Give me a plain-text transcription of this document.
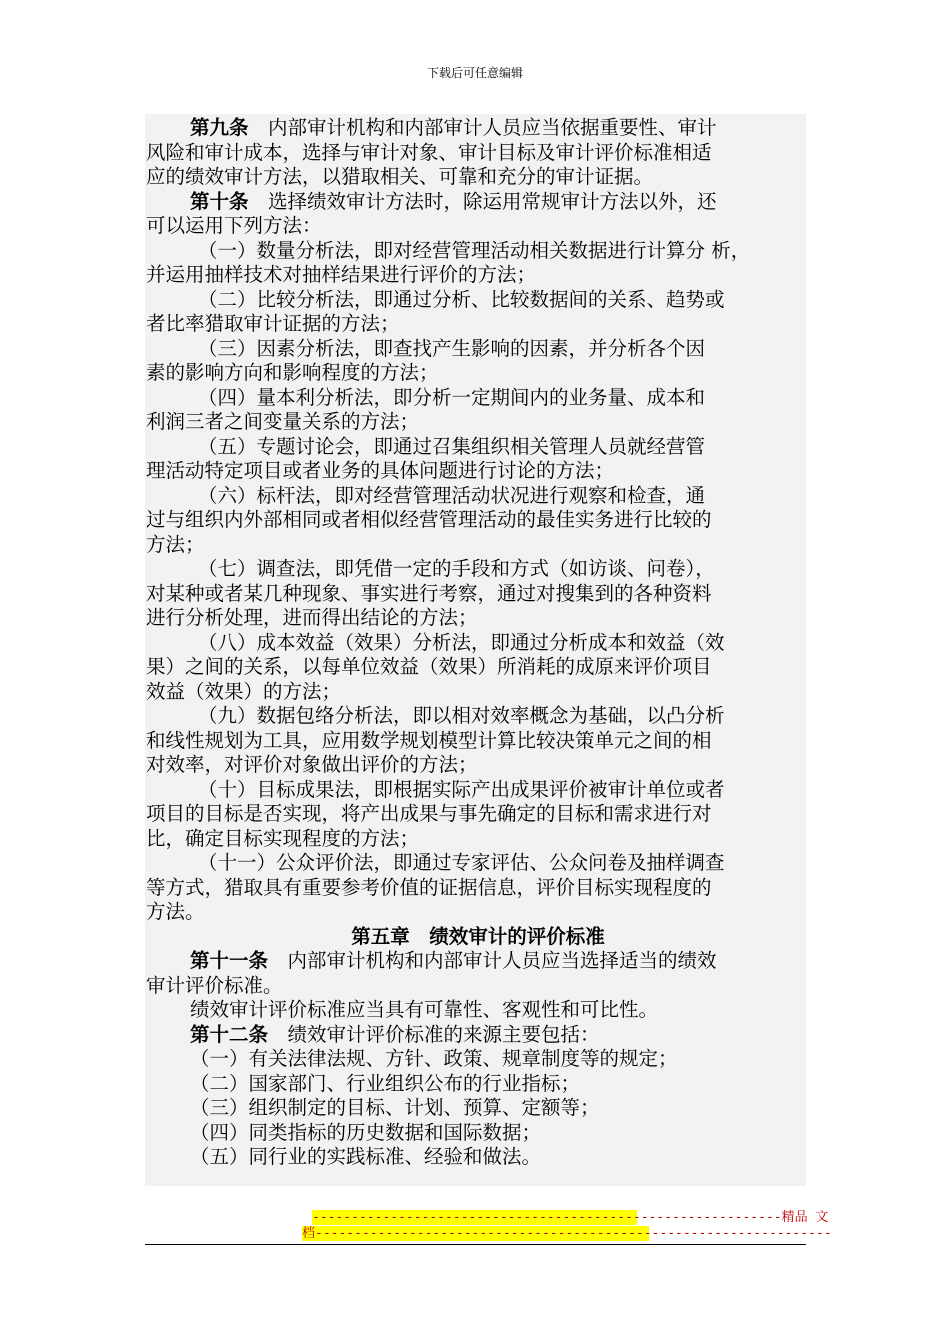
下载后可任意编辑
第九条　内部审计机构和内部审计人员应当依据重要性、审计
风险和审计成本，选择与审计对象、审计目标及审计评价标准相适
应的绩效审计方法，以猎取相关、可靠和充分的审计证据。
第十条　选择绩效审计方法时，除运用常规审计方法以外，还
可以运用下列方法：
（一）数量分析法，即对经营管理活动相关数据进行计算分 析，
并运用抽样技术对抽样结果进行评价的方法；
（二）比较分析法，即通过分析、比较数据间的关系、趋势或
者比率猎取审计证据的方法；
（三）因素分析法，即查找产生影响的因素，并分析各个因
素的影响方向和影响程度的方法；
（四）量本利分析法，即分析一定期间内的业务量、成本和
利润三者之间变量关系的方法；
（五）专题讨论会，即通过召集组织相关管理人员就经营管
理活动特定项目或者业务的具体问题进行讨论的方法；
（六）标杆法，即对经营管理活动状况进行观察和检查，通
过与组织内外部相同或者相似经营管理活动的最佳实务进行比较的
方法；
（七）调查法，即凭借一定的手段和方式（如访谈、问卷），
对某种或者某几种现象、事实进行考察，通过对搜集到的各种资料
进行分析处理，进而得出结论的方法；
（八）成本效益（效果）分析法，即通过分析成本和效益（效
果）之间的关系，以每单位效益（效果）所消耗的成原来评价项目
效益（效果）的方法；
（九）数据包络分析法，即以相对效率概念为基础，以凸分析
和线性规划为工具，应用数学规划模型计算比较决策单元之间的相
对效率，对评价对象做出评价的方法；
（十）目标成果法，即根据实际产出成果评价被审计单位或者
项目的目标是否实现，将产出成果与事先确定的目标和需求进行对
比，确定目标实现程度的方法；
（十一）公众评价法，即通过专家评估、公众问卷及抽样调查
等方式，猎取具有重要参考价值的证据信息，评价目标实现程度的
方法。
第五章　绩效审计的评价标准
第十一条　内部审计机构和内部审计人员应当选择适当的绩效
审计评价标准。
绩效审计评价标准应当具有可靠性、客观性和可比性。
第十二条　绩效审计评价标准的来源主要包括：
（一）有关法律法规、方针、政策、规章制度等的规定；
（二）国家部门、行业组织公布的行业指标；
（三）组织制定的目标、计划、预算、定额等；
（四）同类指标的历史数据和国际数据；
（五）同行业的实践标准、经验和做法。
------------------------------------------------------------精品 文
档------------------------------------------------------------------
